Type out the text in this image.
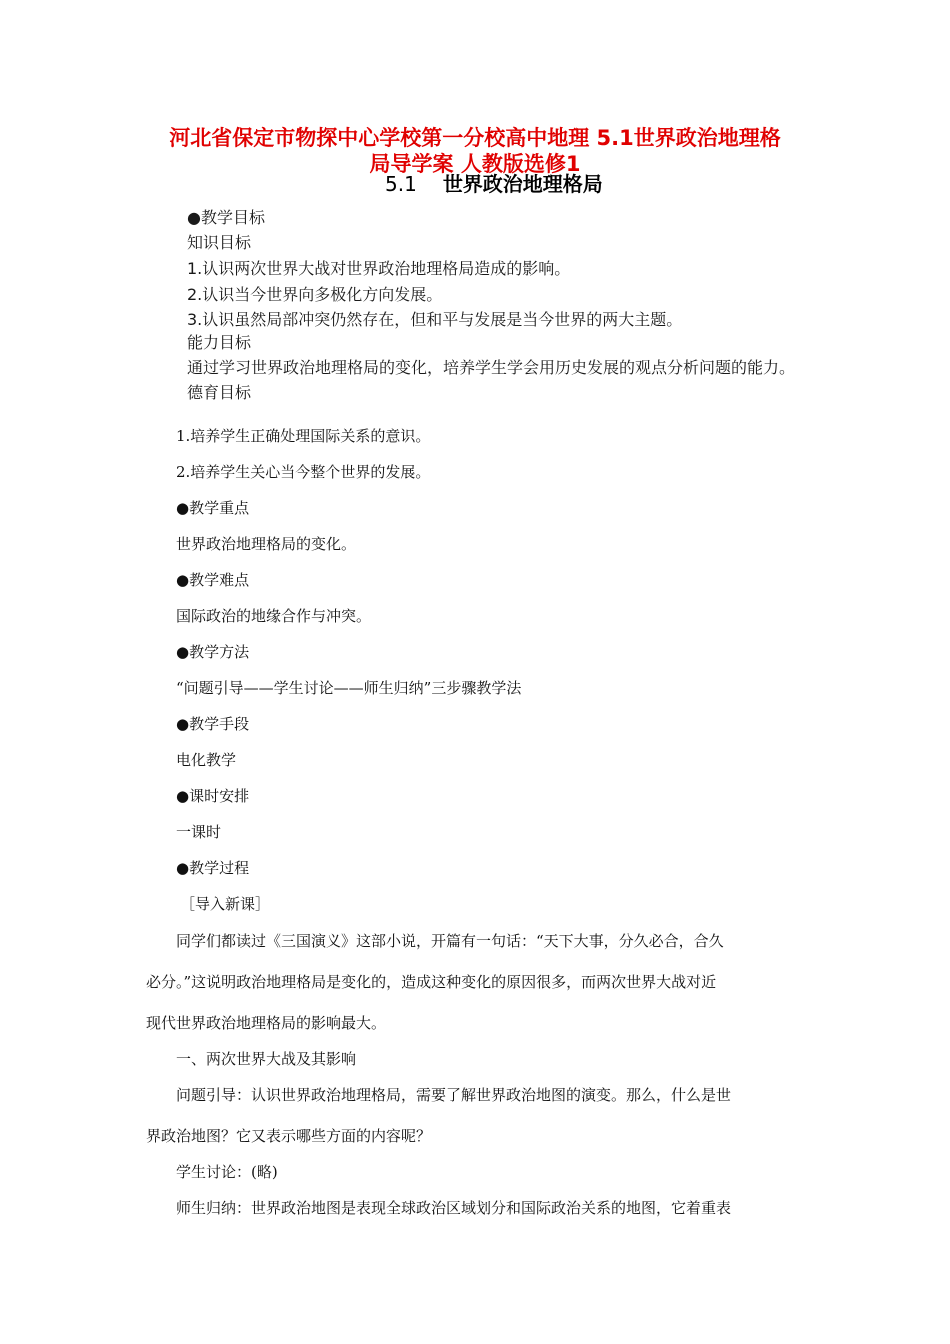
河北省保定市物探中心学校第一分校高中地理 5.1世界政治地理格
局导学案 人教版选修1
5.1 世界政治地理格局
●教学目标
知识目标
1.认识两次世界大战对世界政治地理格局造成的影响。
2.认识当今世界向多极化方向发展。
3.认识虽然局部冲突仍然存在，但和平与发展是当今世界的两大主题。
能力目标
通过学习世界政治地理格局的变化，培养学生学会用历史发展的观点分析问题的能力。
德育目标
1.培养学生正确处理国际关系的意识。
2.培养学生关心当今整个世界的发展。
●教学重点
世界政治地理格局的变化。
●教学难点
国际政治的地缘合作与冲突。
●教学方法
“问题引导——学生讨论——师生归纳”三步骤教学法
●教学手段
电化教学
●课时安排
一课时
●教学过程
［导入新课］
同学们都读过《三国演义》这部小说，开篇有一句话：“天下大事，分久必合，合久
必分。”这说明政治地理格局是变化的，造成这种变化的原因很多，而两次世界大战对近
现代世界政治地理格局的影响最大。
一、两次世界大战及其影响
问题引导：认识世界政治地理格局，需要了解世界政治地图的演变。那么，什么是世
界政治地图？它又表示哪些方面的内容呢？
学生讨论：(略)
师生归纳：世界政治地图是表现全球政治区域划分和国际政治关系的地图，它着重表
